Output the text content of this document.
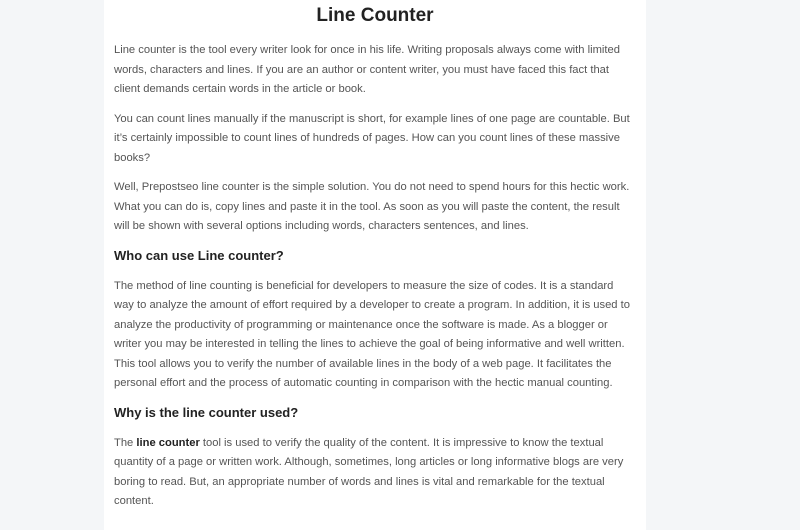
Line Counter

Line counter is the tool every writer look for once in his life. Writing proposals always come with limited words, characters and lines. If you are an author or content writer, you must have faced this fact that client demands certain words in the article or book.

You can count lines manually if the manuscript is short, for example lines of one page are countable. But it’s certainly impossible to count lines of hundreds of pages. How can you count lines of these massive books?

Well, Prepostseo line counter is the simple solution. You do not need to spend hours for this hectic work. What you can do is, copy lines and paste it in the tool. As soon as you will paste the content, the result will be shown with several options including words, characters sentences, and lines.

Who can use Line counter?

The method of line counting is beneficial for developers to measure the size of codes. It is a standard way to analyze the amount of effort required by a developer to create a program. In addition, it is used to analyze the productivity of programming or maintenance once the software is made. As a blogger or writer you may be interested in telling the lines to achieve the goal of being informative and well written. This tool allows you to verify the number of available lines in the body of a web page. It facilitates the personal effort and the process of automatic counting in comparison with the hectic manual counting.

Why is the line counter used?

The line counter tool is used to verify the quality of the content. It is impressive to know the textual quantity of a page or written work. Although, sometimes, long articles or long informative blogs are very boring to read. But, an appropriate number of words and lines is vital and remarkable for the textual content.
